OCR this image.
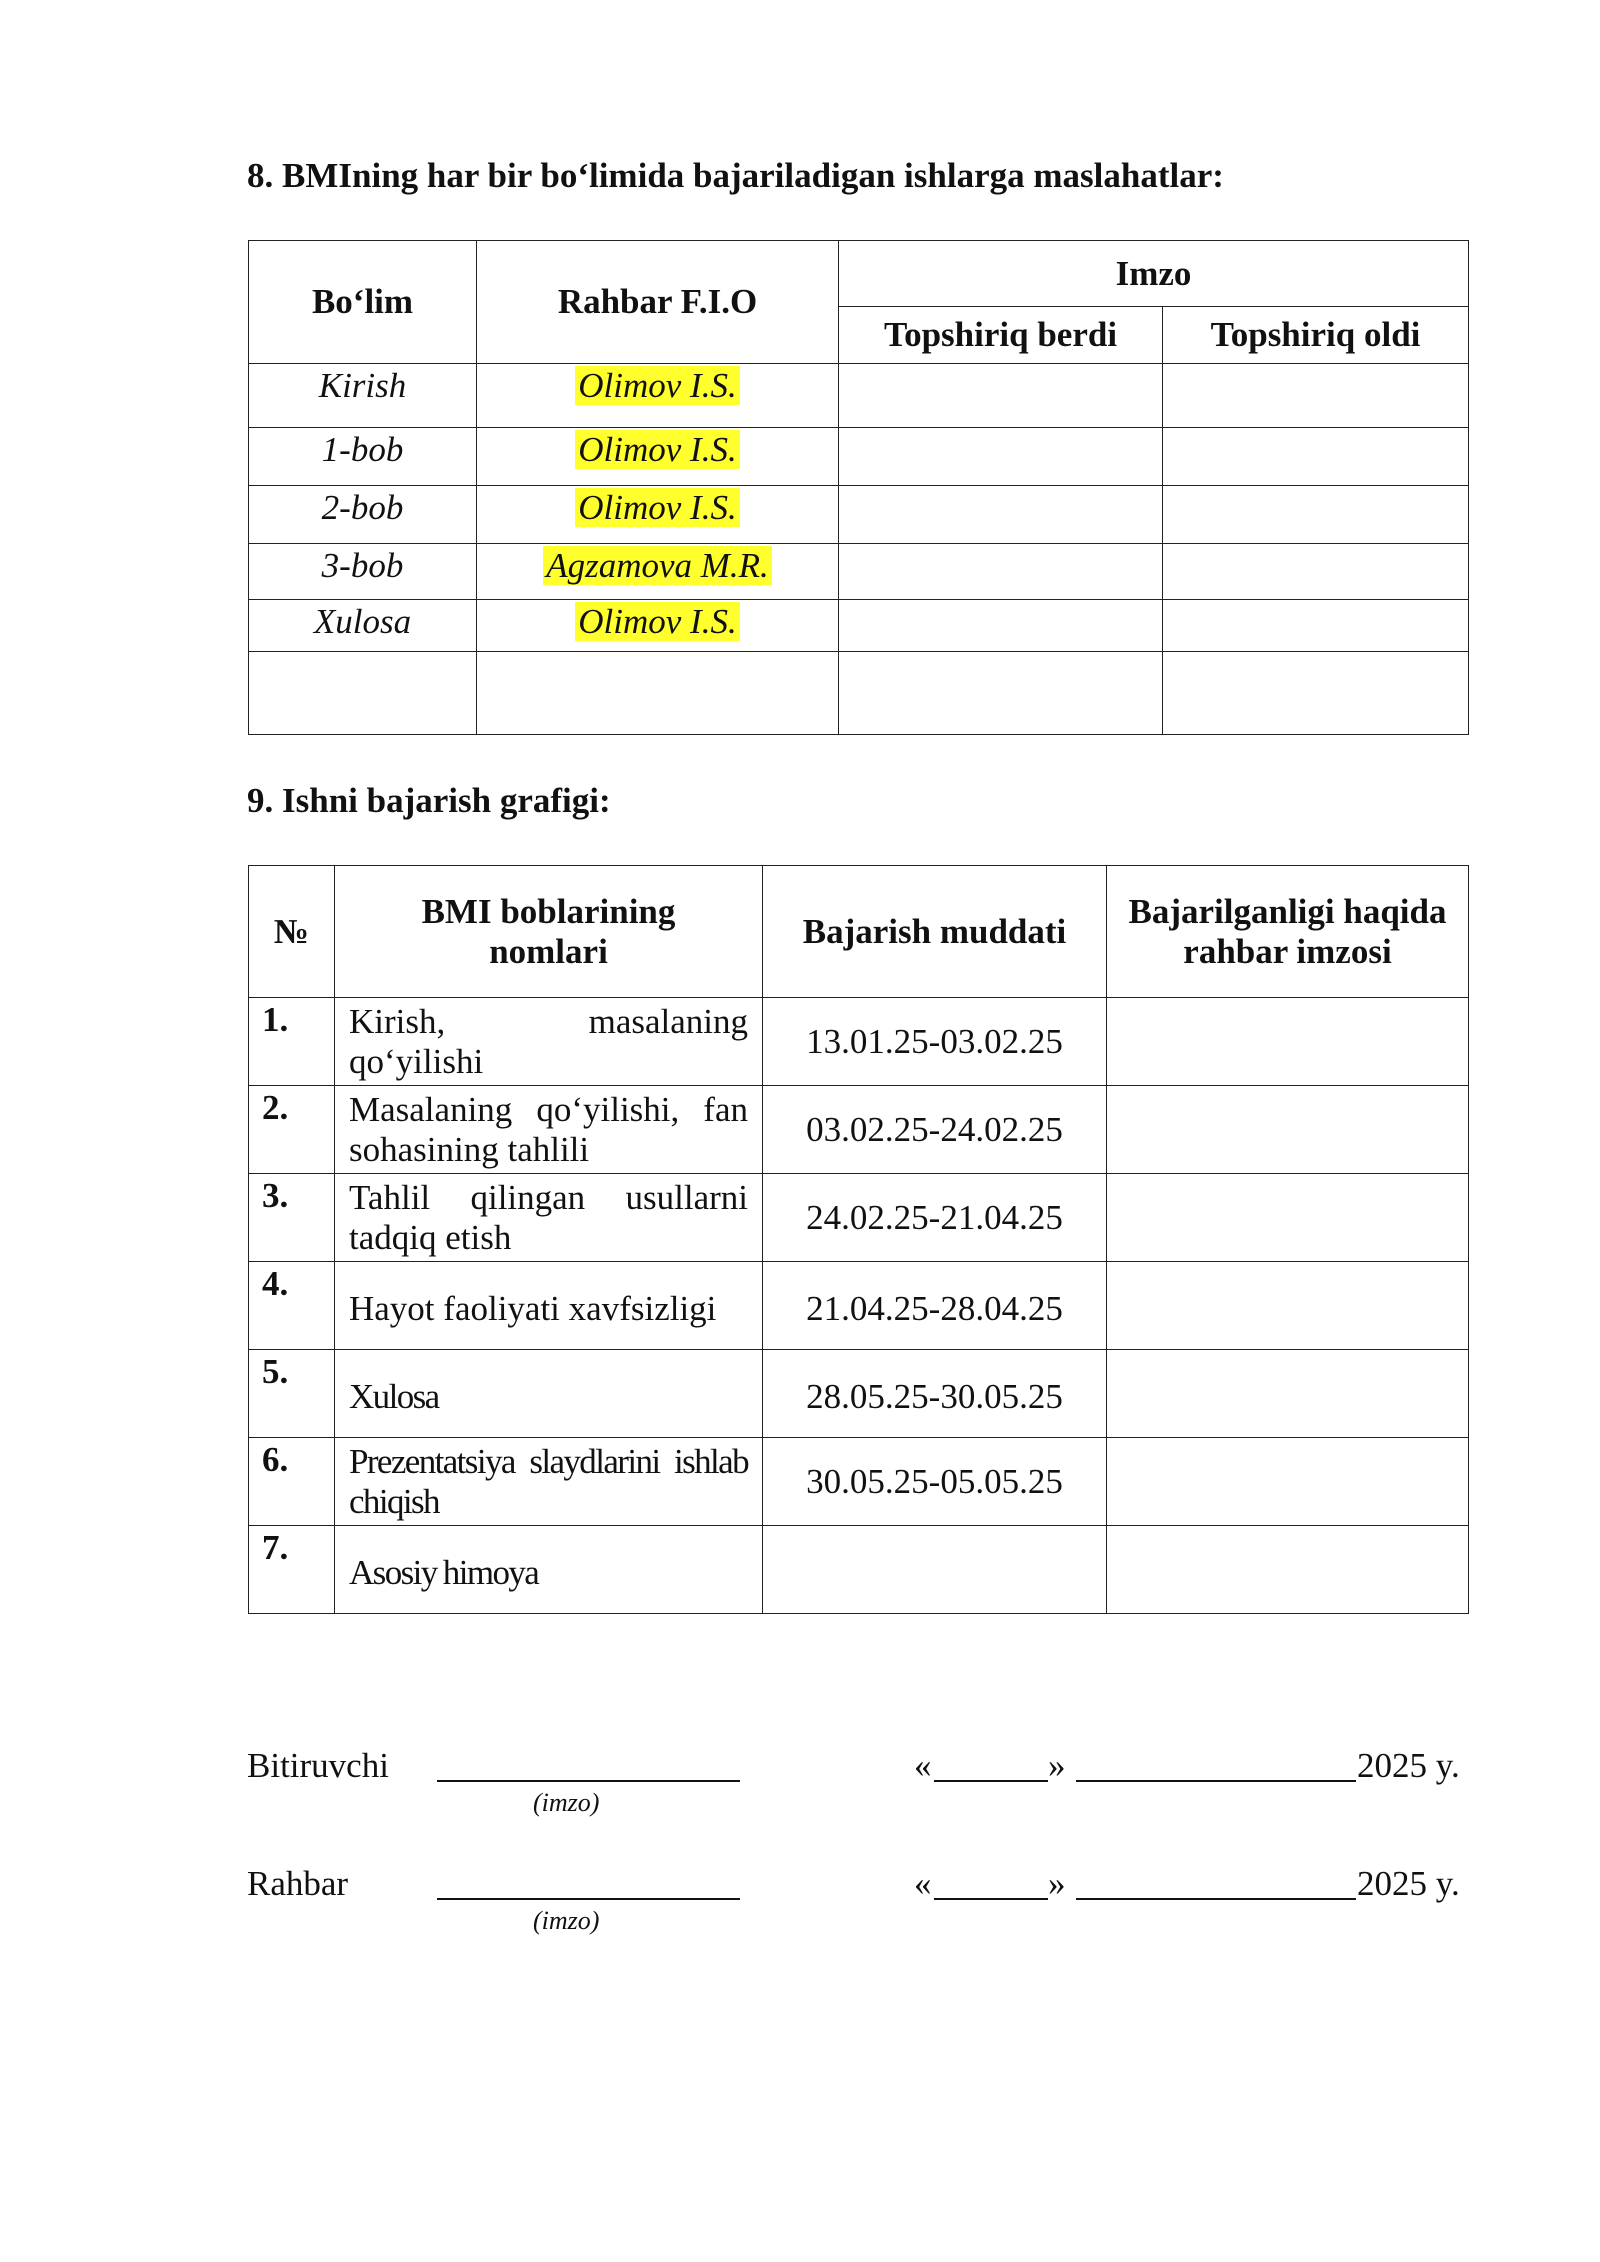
8. BMIning har bir bo‘limida bajariladigan ishlarga maslahatlar:
Bo‘lim	Rahbar F.I.O	Imzo	
		Topshiriq berdi	Topshiriq oldi
Kirish	Olimov I.S.		
1-bob	Olimov I.S.		
2-bob	Olimov I.S.		
3-bob	Agzamova M.R.		
Xulosa	Olimov I.S.		

9. Ishni bajarish grafigi:
№	BMI boblarining nomlari	Bajarish muddati	Bajarilganligi haqida rahbar imzosi
1.	Kirish, masalaning qo‘yilishi	13.01.25-03.02.25	
2.	Masalaning qo‘yilishi, fan sohasining tahlili	03.02.25-24.02.25	
3.	Tahlil qilingan usullarni tadqiq etish	24.02.25-21.04.25	
4.	Hayot faoliyati xavfsizligi	21.04.25-28.04.25	
5.	Xulosa	28.05.25-30.05.25	
6.	Prezentatsiya slaydlarini ishlab chiqish	30.05.25-05.05.25	
7.	Asosiy himoya		
Bitiruvchi
(imzo)
«	»	2025 y.
Rahbar
(imzo)
«	»	2025 y.
